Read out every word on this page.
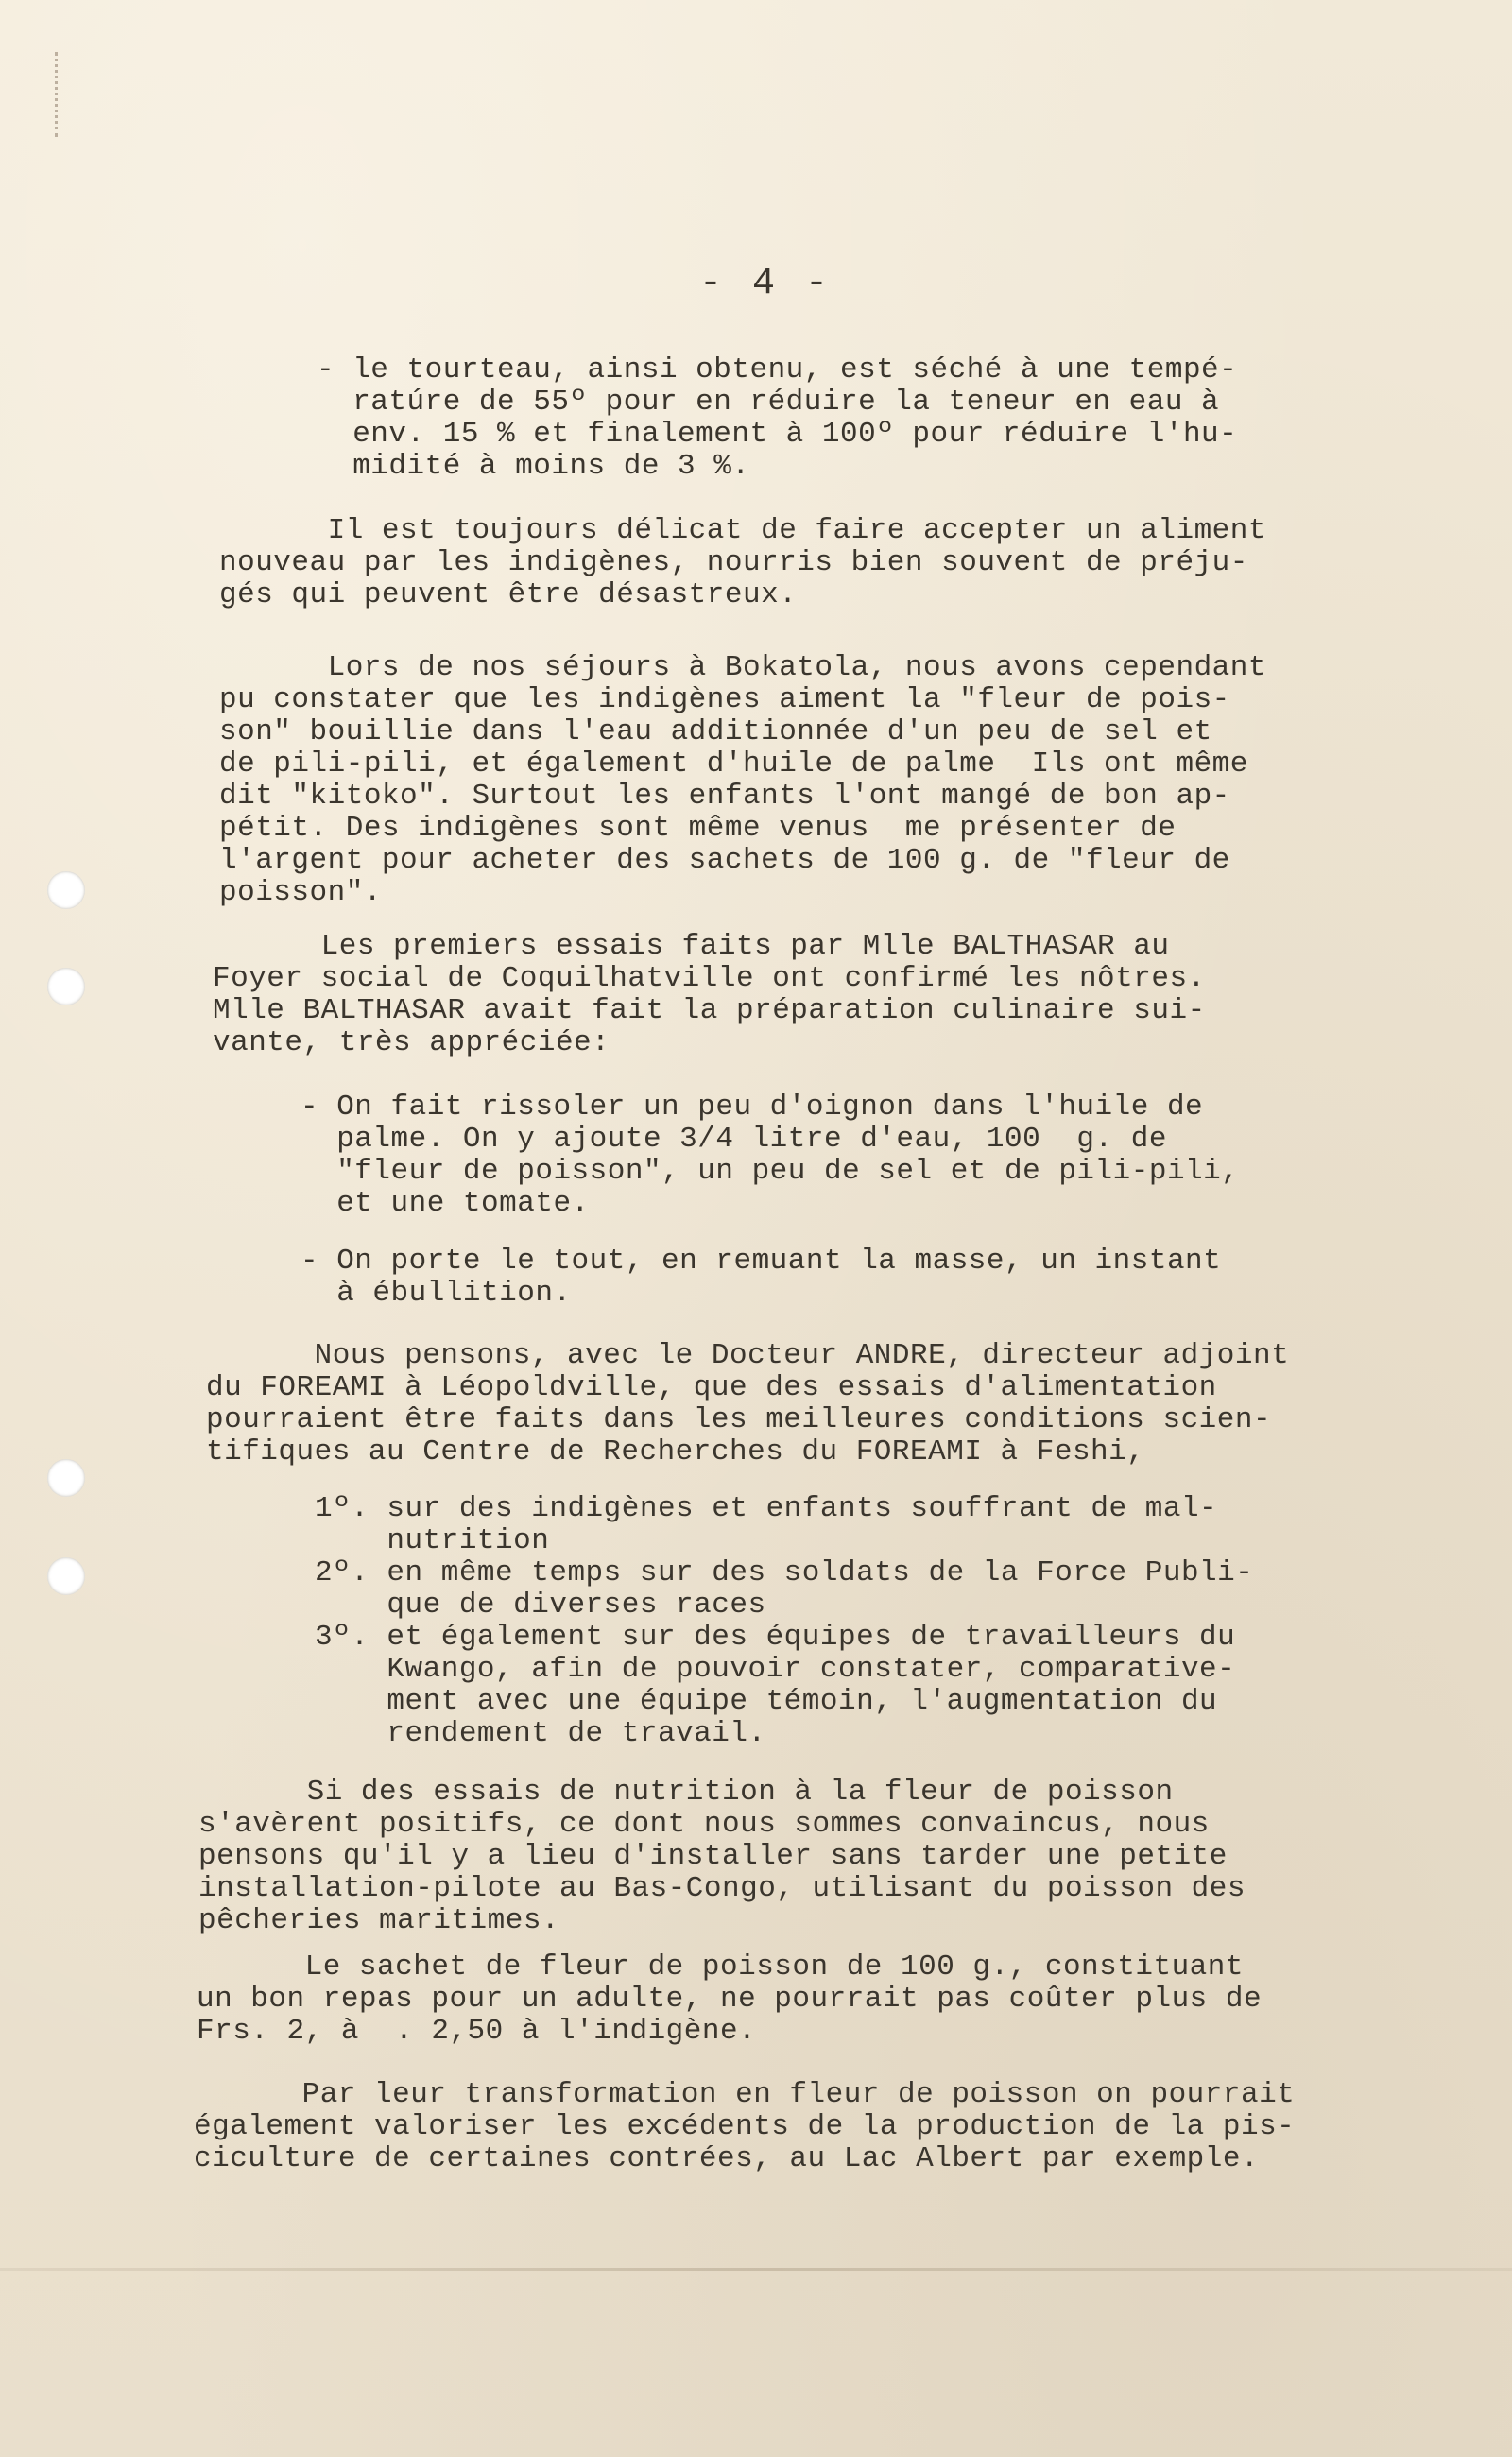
- 4 -
- le tourteau, ainsi obtenu, est séché à une tempé-
ratúre de 55º pour en réduire la teneur en eau à
env. 15 % et finalement à 100º pour réduire l'hu-
midité à moins de 3 %.
Il est toujours délicat de faire accepter un aliment
nouveau par les indigènes, nourris bien souvent de préju-
gés qui peuvent être désastreux.
Lors de nos séjours à Bokatola, nous avons cependant
pu constater que les indigènes aiment la "fleur de pois-
son" bouillie dans l'eau additionnée d'un peu de sel et
de pili-pili, et également d'huile de palme  Ils ont même
dit "kitoko". Surtout les enfants l'ont mangé de bon ap-
pétit. Des indigènes sont même venus  me présenter de
l'argent pour acheter des sachets de 100 g. de "fleur de
poisson".
Les premiers essais faits par Mlle BALTHASAR au
Foyer social de Coquilhatville ont confirmé les nôtres.
Mlle BALTHASAR avait fait la préparation culinaire sui-
vante, très appréciée:
- On fait rissoler un peu d'oignon dans l'huile de
palme. On y ajoute 3/4 litre d'eau, 100  g. de
"fleur de poisson", un peu de sel et de pili-pili,
et une tomate.
- On porte le tout, en remuant la masse, un instant
à ébullition.
Nous pensons, avec le Docteur ANDRE, directeur adjoint
du FOREAMI à Léopoldville, que des essais d'alimentation
pourraient être faits dans les meilleures conditions scien-
tifiques au Centre de Recherches du FOREAMI à Feshi,
1º. sur des indigènes et enfants souffrant de mal-
nutrition
2º. en même temps sur des soldats de la Force Publi-
que de diverses races
3º. et également sur des équipes de travailleurs du
Kwango, afin de pouvoir constater, comparative-
ment avec une équipe témoin, l'augmentation du
rendement de travail.
Si des essais de nutrition à la fleur de poisson
s'avèrent positifs, ce dont nous sommes convaincus, nous
pensons qu'il y a lieu d'installer sans tarder une petite
installation-pilote au Bas-Congo, utilisant du poisson des
pêcheries maritimes.
Le sachet de fleur de poisson de 100 g., constituant
un bon repas pour un adulte, ne pourrait pas coûter plus de
Frs. 2, à  . 2,50 à l'indigène.
Par leur transformation en fleur de poisson on pourrait
également valoriser les excédents de la production de la pis-
ciculture de certaines contrées, au Lac Albert par exemple.
